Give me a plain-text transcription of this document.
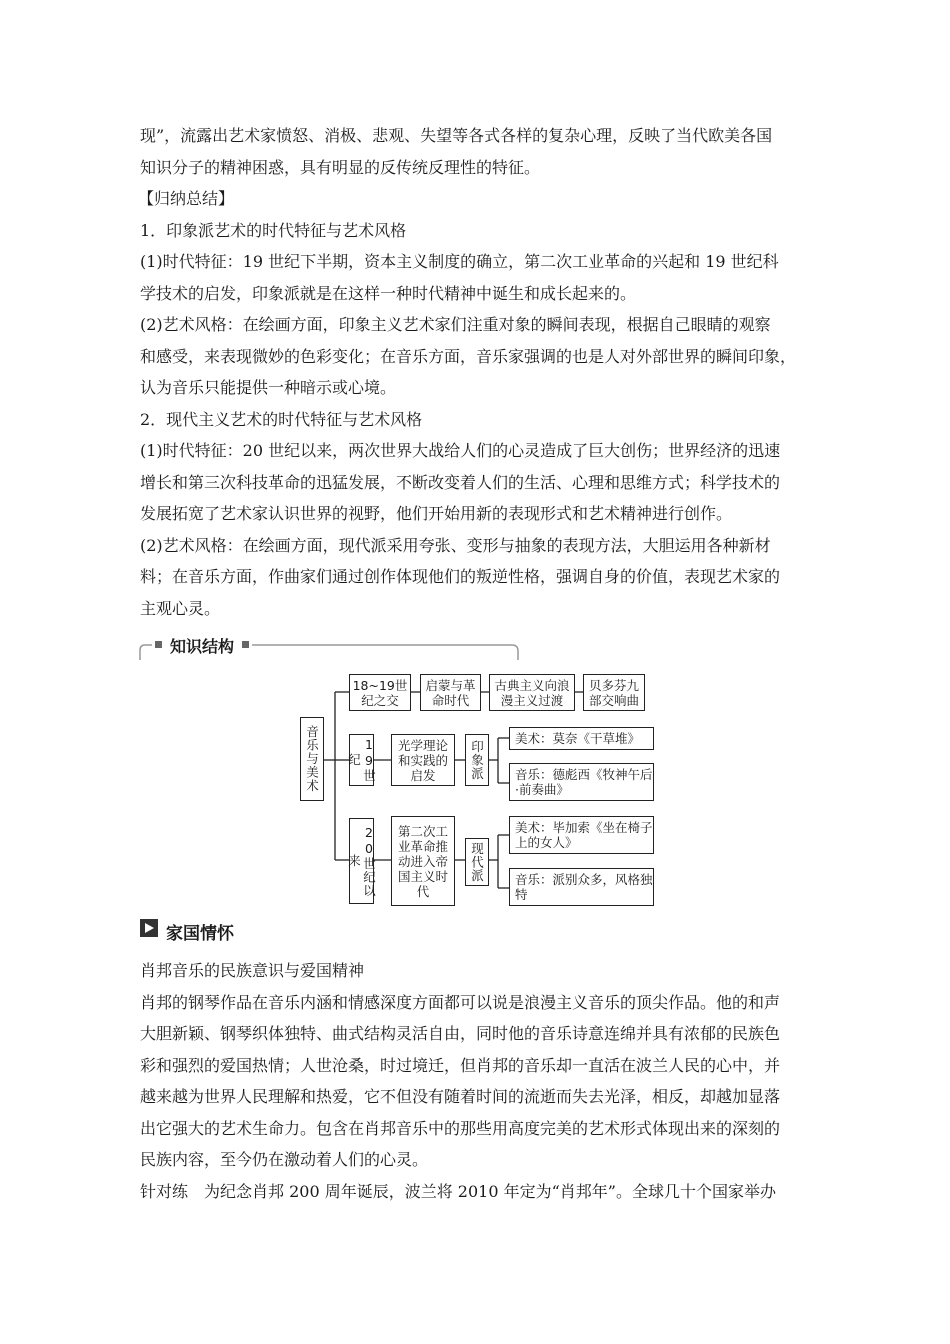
现”，流露出艺术家愤怒、消极、悲观、失望等各式各样的复杂心理，反映了当代欧美各国
知识分子的精神困惑，具有明显的反传统反理性的特征。
【归纳总结】
1．印象派艺术的时代特征与艺术风格
(1)时代特征：19 世纪下半期，资本主义制度的确立，第二次工业革命的兴起和 19 世纪科
学技术的启发，印象派就是在这样一种时代精神中诞生和成长起来的。
(2)艺术风格：在绘画方面，印象主义艺术家们注重对象的瞬间表现，根据自己眼睛的观察
和感受，来表现微妙的色彩变化；在音乐方面，音乐家强调的也是人对外部世界的瞬间印象，
认为音乐只能提供一种暗示或心境。
2．现代主义艺术的时代特征与艺术风格
(1)时代特征：20 世纪以来，两次世界大战给人们的心灵造成了巨大创伤；世界经济的迅速
增长和第三次科技革命的迅猛发展，不断改变着人们的生活、心理和思维方式；科学技术的
发展拓宽了艺术家认识世界的视野，他们开始用新的表现形式和艺术精神进行创作。
(2)艺术风格：在绘画方面，现代派采用夸张、变形与抽象的表现方法，大胆运用各种新材
料；在音乐方面，作曲家们通过创作体现他们的叛逆性格，强调自身的价值，表现艺术家的
主观心灵。
知识结构
音乐与美术
18~19世纪之交
启蒙与革命时代
古典主义向浪漫主义过渡
贝多芬九部交响曲
19世纪
光学理论和实践的启发	印象派
美术：莫奈《干草堆》
音乐：德彪西《牧神午后·前奏曲》
20世纪以来
第二次工业革命推动进入帝国主义时代
现代派
美术：毕加索《坐在椅子上的女人》
音乐：派别众多，风格独特
家国情怀
肖邦音乐的民族意识与爱国精神
肖邦的钢琴作品在音乐内涵和情感深度方面都可以说是浪漫主义音乐的顶尖作品。他的和声
大胆新颖、钢琴织体独特、曲式结构灵活自由，同时他的音乐诗意连绵并具有浓郁的民族色
彩和强烈的爱国热情；人世沧桑，时过境迁，但肖邦的音乐却一直活在波兰人民的心中，并
越来越为世界人民理解和热爱，它不但没有随着时间的流逝而失去光泽，相反，却越加显落
出它强大的艺术生命力。包含在肖邦音乐中的那些用高度完美的艺术形式体现出来的深刻的
民族内容，至今仍在激动着人们的心灵。
针对练　为纪念肖邦 200 周年诞辰，波兰将 2010 年定为“肖邦年”。全球几十个国家举办
